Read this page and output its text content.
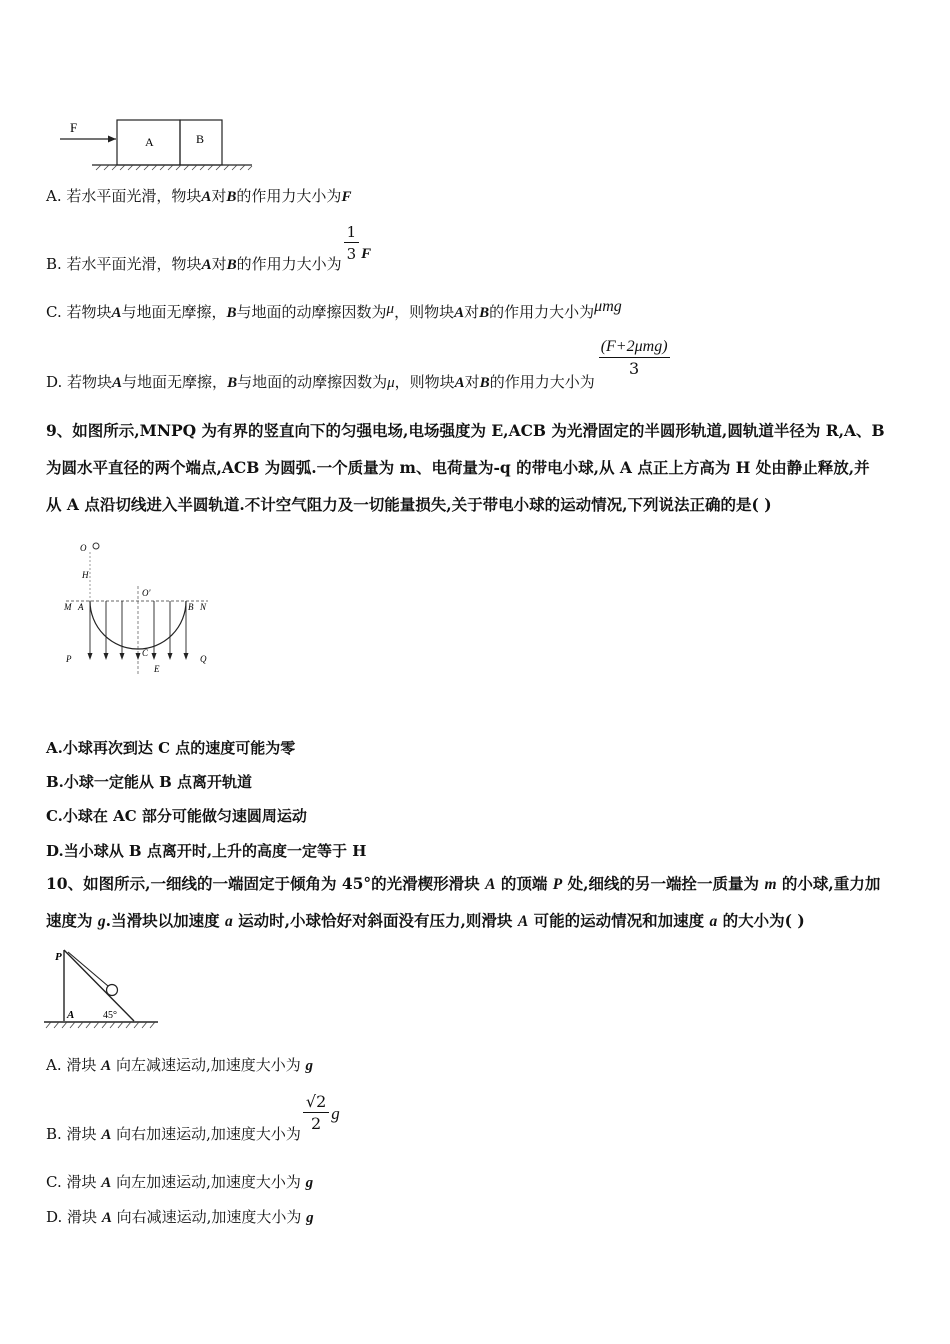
F
A	B
A. 若水平面光滑，物块A对B的作用力大小为F
B. 若水平面光滑，物块A对B的作用力大小为 $\frac{1}{3}$ F
C. 若物块A与地面无摩擦，B与地面的动摩擦因数为μ，则物块A对B的作用力大小为μmg
D. 若物块A与地面无摩擦，B与地面的动摩擦因数为μ，则物块A对B的作用力大小为
$\frac{\text{(F+2μmg)}}{3}$
9、如图所示,MNPQ 为有界的竖直向下的匀强电场,电场强度为 E,ACB 为光滑固定的半圆形轨道,圆轨道半径为 R,A、B
为圆水平直径的两个端点,ACB 为圆弧.一个质量为 m、电荷量为-q 的带电小球,从 A 点正上方高为 H 处由静止释放,并
从 A 点沿切线进入半圆轨道.不计空气阻力及一切能量损失,关于带电小球的运动情况,下列说法正确的是( )
O
H
O'
M A	B N
P
C
Q
E
A.小球再次到达 C 点的速度可能为零
B.小球一定能从 B 点离开轨道
C.小球在 AC 部分可能做匀速圆周运动
D.当小球从 B 点离开时,上升的高度一定等于 H
10、如图所示,一细线的一端固定于倾角为 45°的光滑楔形滑块 A 的顶端 P 处,细线的另一端拴一质量为 m 的小球,重力加
速度为 g.当滑块以加速度 a 运动时,小球恰好对斜面没有压力,则滑块 A 可能的运动情况和加速度 a 的大小为( )
P
A	45°
A. 滑块 A 向左减速运动,加速度大小为 g
B. 滑块 A 向右加速运动,加速度大小为 $\frac{√2}{2}$ g
C. 滑块 A 向左加速运动,加速度大小为 g
D. 滑块 A 向右减速运动,加速度大小为 g
